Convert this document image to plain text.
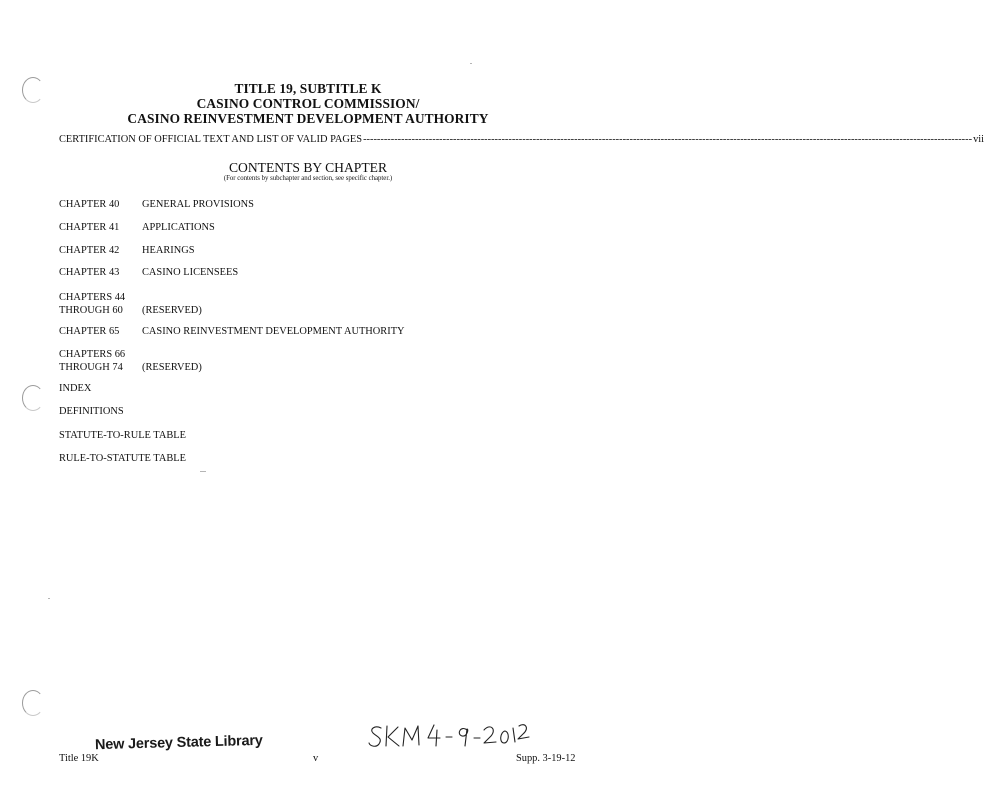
TITLE 19, SUBTITLE K
CASINO CONTROL COMMISSION/
CASINO REINVESTMENT DEVELOPMENT AUTHORITY
CERTIFICATION OF OFFICIAL TEXT AND LIST OF VALID PAGES -------------------------------------------------------------------------------------------------------------------------------------------------------------------------------- vii
CONTENTS BY CHAPTER
(For contents by subchapter and section, see specific chapter.)
CHAPTER 40 GENERAL PROVISIONS
CHAPTER 41 APPLICATIONS
CHAPTER 42 HEARINGS
CHAPTER 43 CASINO LICENSEES
CHAPTERS 44
THROUGH 60	(RESERVED)
CHAPTER 65 CASINO REINVESTMENT DEVELOPMENT AUTHORITY
CHAPTERS 66
THROUGH 74	(RESERVED)
INDEX
DEFINITIONS
STATUTE-TO-RULE TABLE
RULE-TO-STATUTE TABLE
New Jersey State Library
Title 19K	v	Supp. 3-19-12
